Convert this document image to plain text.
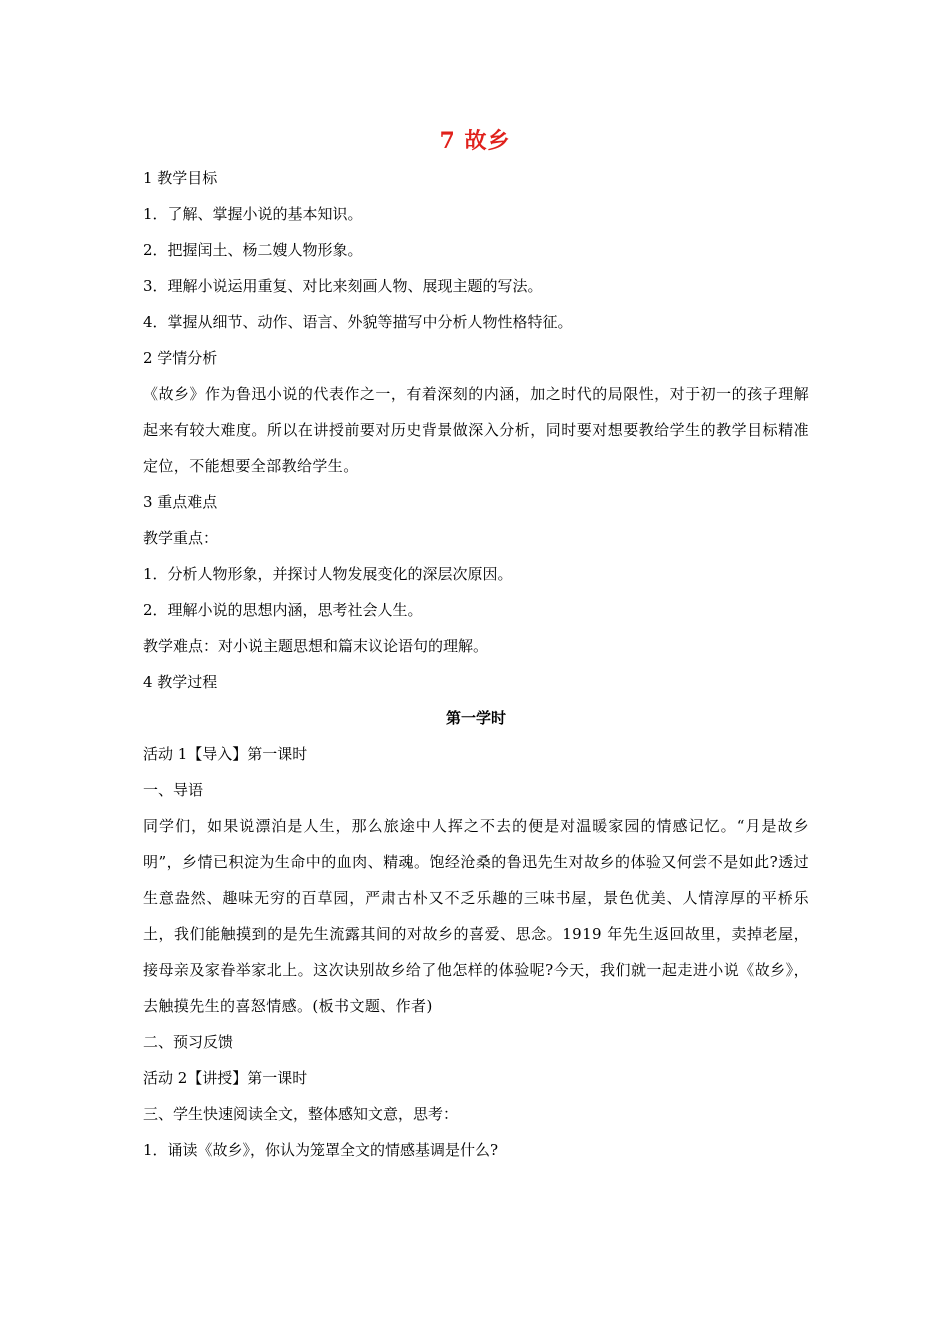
7 故乡
1 教学目标
1．了解、掌握小说的基本知识。
2．把握闰土、杨二嫂人物形象。
3．理解小说运用重复、对比来刻画人物、展现主题的写法。
4．掌握从细节、动作、语言、外貌等描写中分析人物性格特征。
2 学情分析
《故乡》作为鲁迅小说的代表作之一，有着深刻的内涵，加之时代的局限性，对于初一的孩子理解起来有较大难度。所以在讲授前要对历史背景做深入分析，同时要对想要教给学生的教学目标精准定位，不能想要全部教给学生。
3 重点难点
教学重点：
1．分析人物形象，并探讨人物发展变化的深层次原因。
2．理解小说的思想内涵，思考社会人生。
教学难点：对小说主题思想和篇末议论语句的理解。
4 教学过程
第一学时
活动 1【导入】第一课时
一、导语
同学们，如果说漂泊是人生，那么旅途中人挥之不去的便是对温暖家园的情感记忆。“月是故乡明”，乡情已积淀为生命中的血肉、精魂。饱经沧桑的鲁迅先生对故乡的体验又何尝不是如此?透过生意盎然、趣味无穷的百草园，严肃古朴又不乏乐趣的三味书屋，景色优美、人情淳厚的平桥乐土，我们能触摸到的是先生流露其间的对故乡的喜爱、思念。1919 年先生返回故里，卖掉老屋，接母亲及家眷举家北上。这次诀别故乡给了他怎样的体验呢?今天，我们就一起走进小说《故乡》，去触摸先生的喜怒情感。(板书文题、作者)
二、预习反馈
活动 2【讲授】第一课时
三、学生快速阅读全文，整体感知文意，思考：
1．诵读《故乡》，你认为笼罩全文的情感基调是什么?
